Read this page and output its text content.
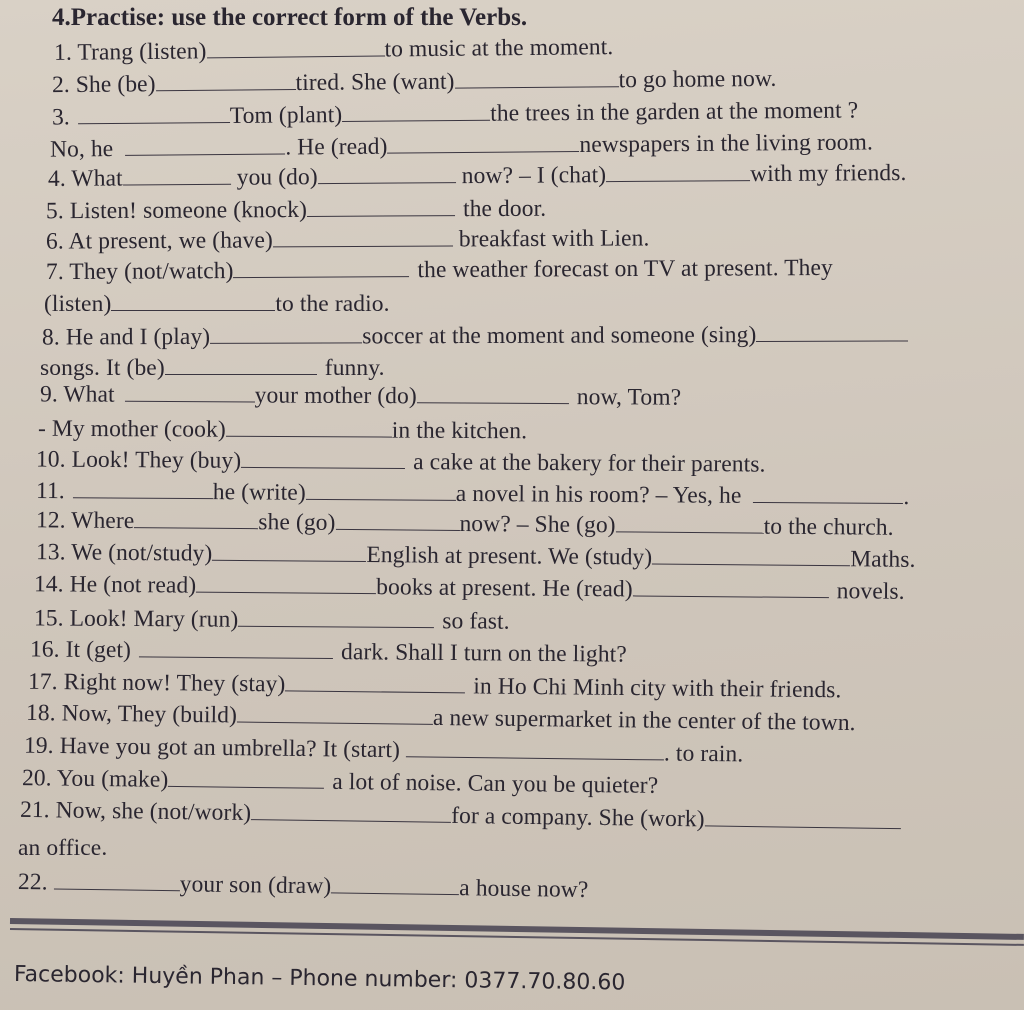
4.Practise: use the correct form of the Verbs.
1. Trang (listen)	to music at the moment.
2. She (be)	tired. She (want)	to go home now.
3.	Tom (plant)	the trees in the garden at the moment ?
No, he	. He (read)	newspapers in the living room.
4. What	you (do)	now? – I (chat)	with my friends.
5. Listen! someone (knock)	the door.
6. At present, we (have)	breakfast with Lien.
7. They (not/watch)	the weather forecast on TV at present. They
(listen)	to the radio.
8. He and I (play)	soccer at the moment and someone (sing)
songs. It (be)	funny.
9. What	your mother (do)	now, Tom?
- My mother (cook)	in the kitchen.
10. Look! They (buy)	a cake at the bakery for their parents.
11.	he (write)	a novel in his room? – Yes, he	.
12. Where	she (go)	now? – She (go)	to the church.
13. We (not/study)	English at present. We (study)	Maths.
14. He (not read)	books at present. He (read)	novels.
15. Look! Mary (run)	so fast.
16. It (get)	dark. Shall I turn on the light?
17. Right now! They (stay)	in Ho Chi Minh city with their friends.
18. Now, They (build)	a new supermarket in the center of the town.
19. Have you got an umbrella? It (start)	. to rain.
20. You (make)	a lot of noise. Can you be quieter?
21. Now, she (not/work)	for a company. She (work)
an office.
22.	your son (draw)	a house now?
Facebook: Huyền Phan – Phone number: 0377.70.80.60
